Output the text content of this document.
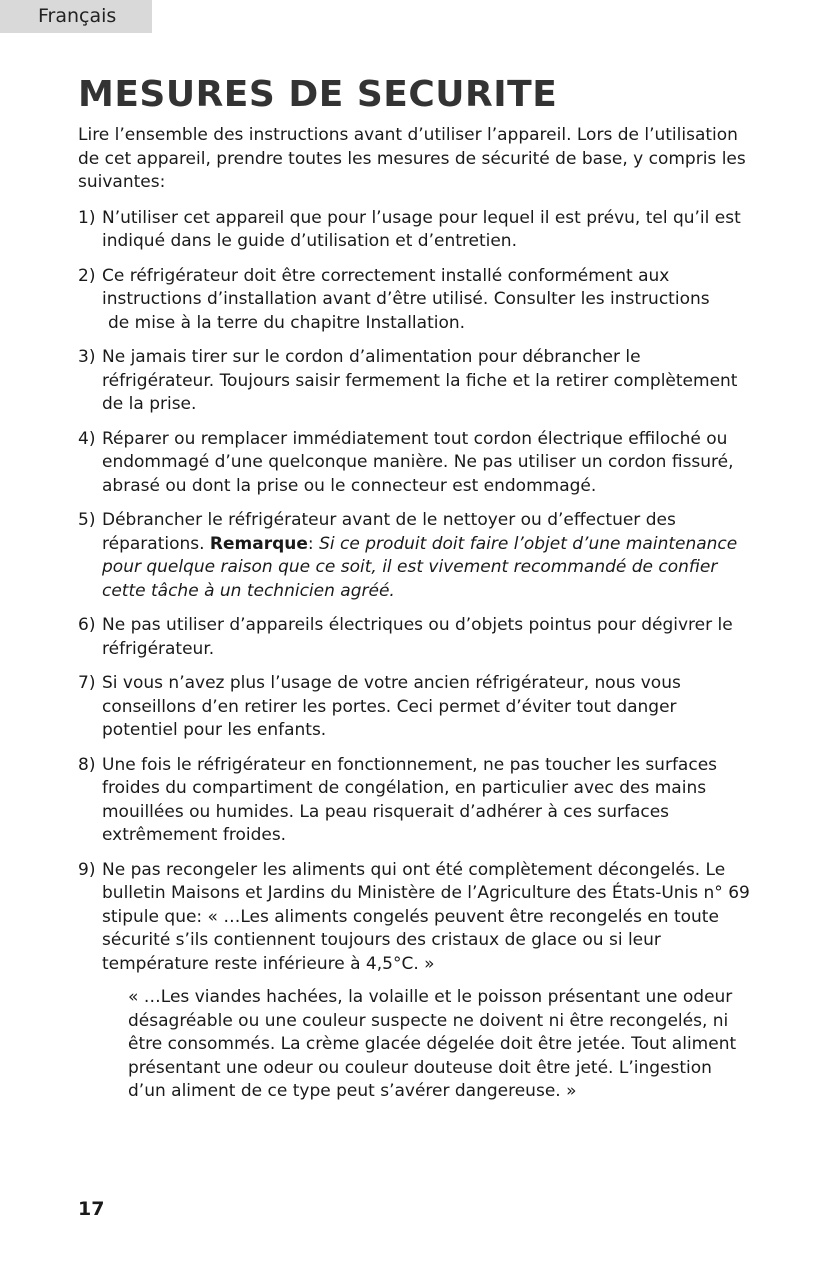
Français
MESURES DE SECURITE

Lire l’ensemble des instructions avant d’utiliser l’appareil. Lors de l’utilisation de cet appareil, prendre toutes les mesures de sécurité de base, y compris les suivantes:

1) N’utiliser cet appareil que pour l’usage pour lequel il est prévu, tel qu’il est indiqué dans le guide d’utilisation et d’entretien.
2) Ce réfrigérateur doit être correctement installé conformément aux instructions d’installation avant d’être utilisé. Consulter les instructions
de mise à la terre du chapitre Installation.
3) Ne jamais tirer sur le cordon d’alimentation pour débrancher le réfrigérateur. Toujours saisir fermement la fiche et la retirer complètement de la prise.
4) Réparer ou remplacer immédiatement tout cordon électrique effiloché ou endommagé d’une quelconque manière. Ne pas utiliser un cordon fissuré, abrasé ou dont la prise ou le connecteur est endommagé.
5) Débrancher le réfrigérateur avant de le nettoyer ou d’effectuer des réparations. Remarque: Si ce produit doit faire l’objet d’une maintenance pour quelque raison que ce soit, il est vivement recommandé de confier cette tâche à un technicien agréé.
6) Ne pas utiliser d’appareils électriques ou d’objets pointus pour dégivrer le réfrigérateur.
7) Si vous n’avez plus l’usage de votre ancien réfrigérateur, nous vous conseillons d’en retirer les portes. Ceci permet d’éviter tout danger potentiel pour les enfants.
8) Une fois le réfrigérateur en fonctionnement, ne pas toucher les surfaces froides du compartiment de congélation, en particulier avec des mains mouillées ou humides. La peau risquerait d’adhérer à ces surfaces extrêmement froides.
9) Ne pas recongeler les aliments qui ont été complètement décongelés. Le bulletin Maisons et Jardins du Ministère de l’Agriculture des États-Unis n° 69 stipule que: « …Les aliments congelés peuvent être recongelés en toute sécurité s’ils contiennent toujours des cristaux de glace ou si leur température reste inférieure à 4,5°C. »

« …Les viandes hachées, la volaille et le poisson présentant une odeur désagréable ou une couleur suspecte ne doivent ni être recongelés, ni être consommés. La crème glacée dégelée doit être jetée. Tout aliment présentant une odeur ou couleur douteuse doit être jeté. L’ingestion d’un aliment de ce type peut s’avérer dangereuse. »

17
